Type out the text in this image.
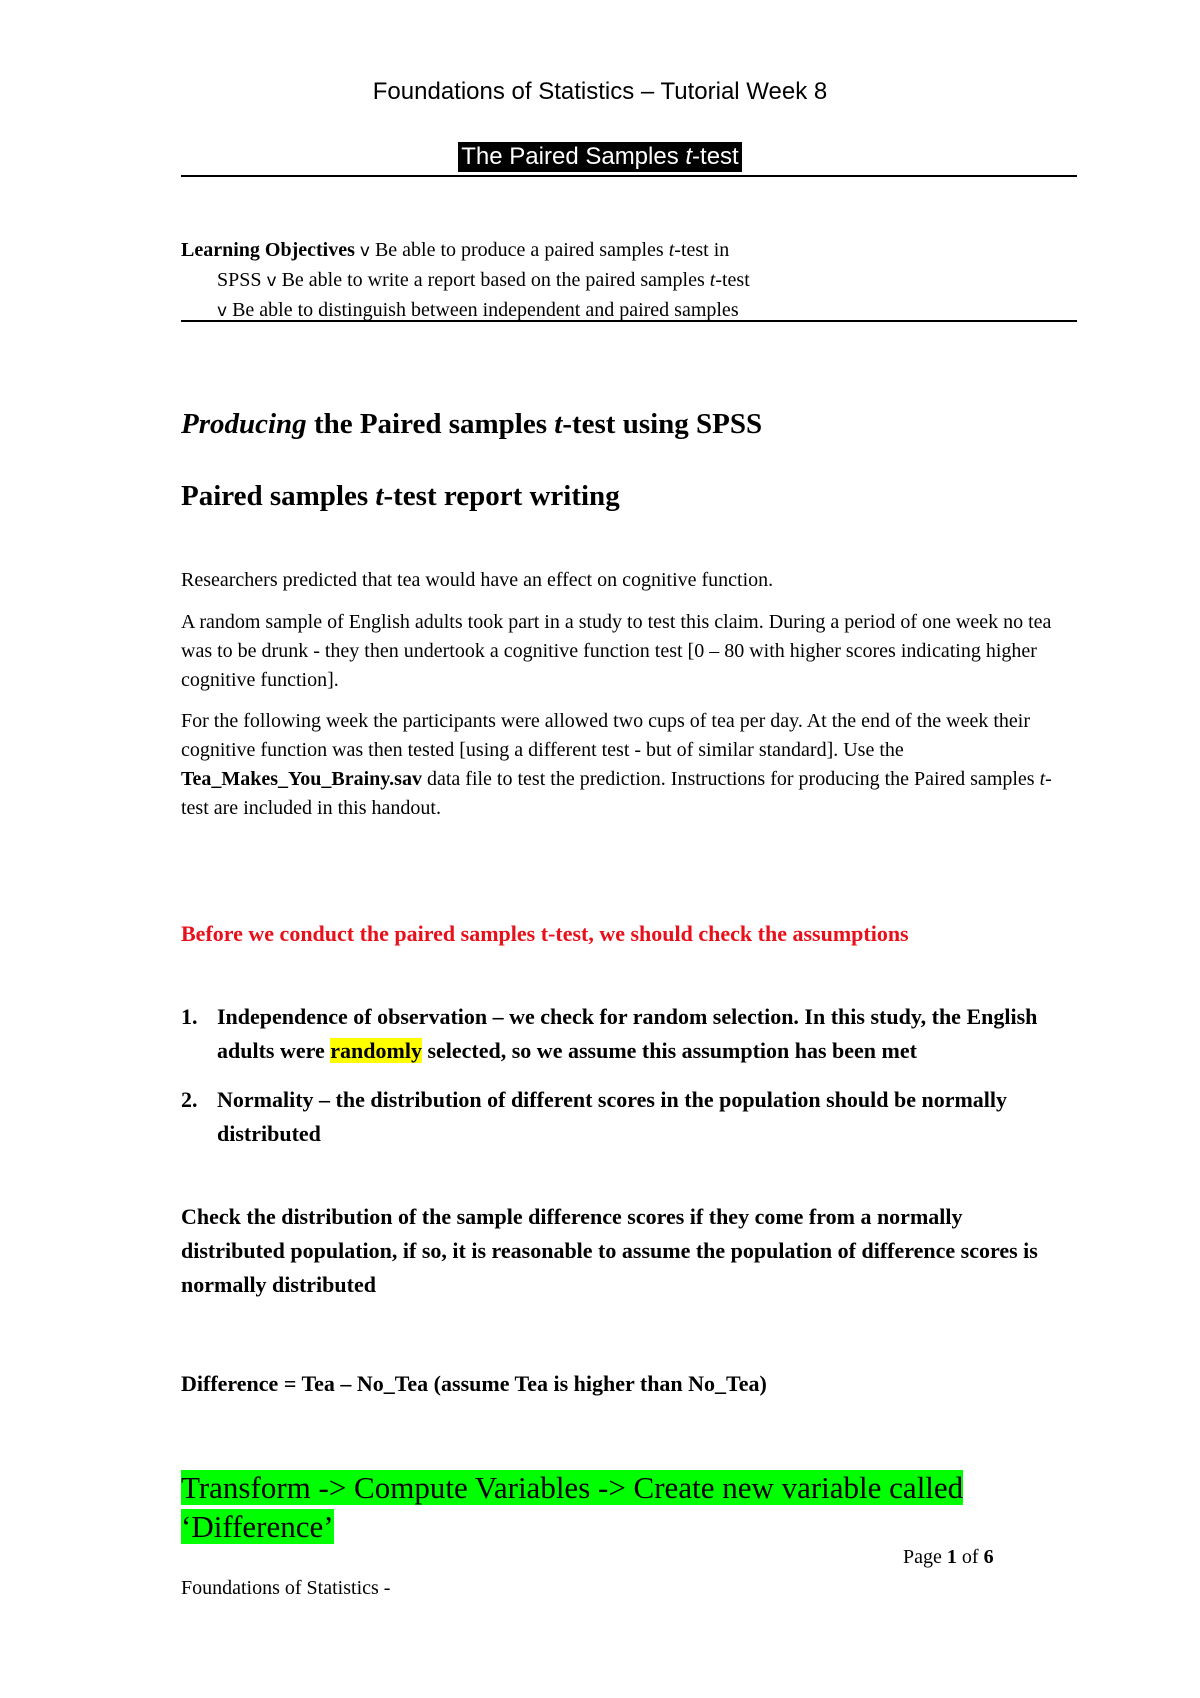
Foundations of Statistics – Tutorial Week 8
The Paired Samples t-test
Learning Objectives v Be able to produce a paired samples t-test in
SPSS v Be able to write a report based on the paired samples t-test
v Be able to distinguish between independent and paired samples
Producing the Paired samples t-test using SPSS
Paired samples t-test report writing
Researchers predicted that tea would have an effect on cognitive function.
A random sample of English adults took part in a study to test this claim. During a period of one week no tea was to be drunk - they then undertook a cognitive function test [0 – 80 with higher scores indicating higher cognitive function].
For the following week the participants were allowed two cups of tea per day. At the end of the week their cognitive function was then tested [using a different test - but of similar standard]. Use the Tea_Makes_You_Brainy.sav data file to test the prediction. Instructions for producing the Paired samples t-test are included in this handout.
Before we conduct the paired samples t-test, we should check the assumptions
1. Independence of observation – we check for random selection. In this study, the English adults were randomly selected, so we assume this assumption has been met
2. Normality – the distribution of different scores in the population should be normally distributed
Check the distribution of the sample difference scores if they come from a normally distributed population, if so, it is reasonable to assume the population of difference scores is normally distributed
Difference = Tea – No_Tea (assume Tea is higher than No_Tea)
Transform -> Compute Variables -> Create new variable called ‘Difference’
Page 1 of 6
Foundations of Statistics -
